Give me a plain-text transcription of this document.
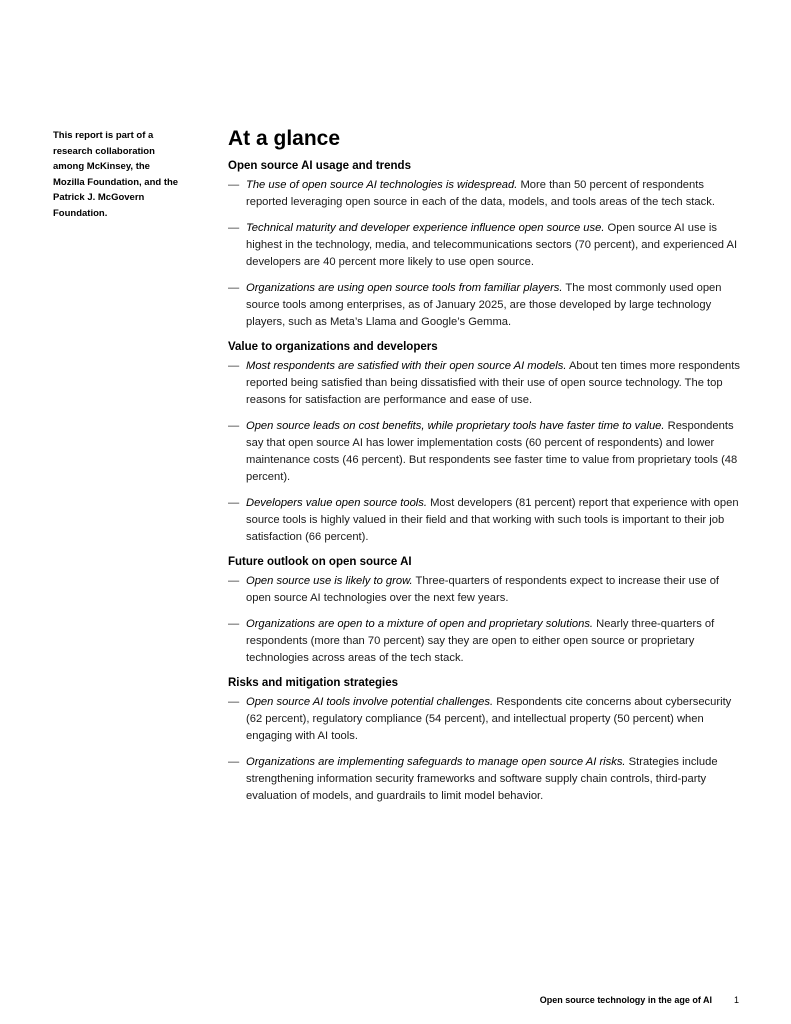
This report is part of a research collaboration among McKinsey, the Mozilla Foundation, and the Patrick J. McGovern Foundation.
At a glance
Open source AI usage and trends
— The use of open source AI technologies is widespread. More than 50 percent of respondents reported leveraging open source in each of the data, models, and tools areas of the tech stack.
— Technical maturity and developer experience influence open source use. Open source AI use is highest in the technology, media, and telecommunications sectors (70 percent), and experienced AI developers are 40 percent more likely to use open source.
— Organizations are using open source tools from familiar players. The most commonly used open source tools among enterprises, as of January 2025, are those developed by large technology players, such as Meta’s Llama and Google’s Gemma.
Value to organizations and developers
— Most respondents are satisfied with their open source AI models. About ten times more respondents reported being satisfied than being dissatisfied with their use of open source technology. The top reasons for satisfaction are performance and ease of use.
— Open source leads on cost benefits, while proprietary tools have faster time to value. Respondents say that open source AI has lower implementation costs (60 percent of respondents) and lower maintenance costs (46 percent). But respondents see faster time to value from proprietary tools (48 percent).
— Developers value open source tools. Most developers (81 percent) report that experience with open source tools is highly valued in their field and that working with such tools is important to their job satisfaction (66 percent).
Future outlook on open source AI
— Open source use is likely to grow. Three-quarters of respondents expect to increase their use of open source AI technologies over the next few years.
— Organizations are open to a mixture of open and proprietary solutions. Nearly three-quarters of respondents (more than 70 percent) say they are open to either open source or proprietary technologies across areas of the tech stack.
Risks and mitigation strategies
— Open source AI tools involve potential challenges. Respondents cite concerns about cybersecurity (62 percent), regulatory compliance (54 percent), and intellectual property (50 percent) when engaging with AI tools.
— Organizations are implementing safeguards to manage open source AI risks. Strategies include strengthening information security frameworks and software supply chain controls, third-party evaluation of models, and guardrails to limit model behavior.
Open source technology in the age of AI 1
